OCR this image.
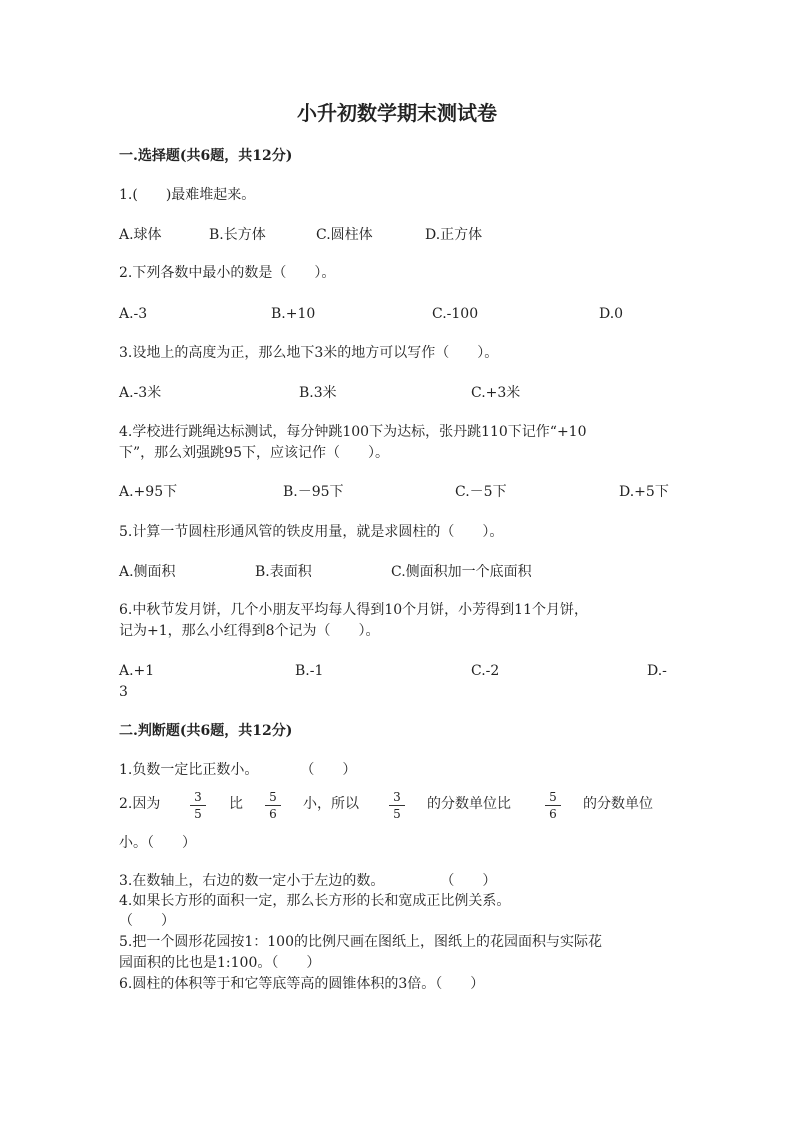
小升初数学期末测试卷
一.选择题(共6题，共12分)
1.(　　)最难堆起来。
A.球体	B.长方体	C.圆柱体	D.正方体
2.下列各数中最小的数是（　　）。
A.-3	B.+10	C.-100	D.0
3.设地上的高度为正，那么地下3米的地方可以写作（　　）。
A.-3米	B.3米	C.+3米
4.学校进行跳绳达标测试，每分钟跳100下为达标，张丹跳110下记作“+10
下”，那么刘强跳95下，应该记作（　　）。
A.+95下	B.－95下	C.－5下	D.+5下
5.计算一节圆柱形通风管的铁皮用量，就是求圆柱的（　　）。
A.侧面积	B.表面积	C.侧面积加一个底面积
6.中秋节发月饼，几个小朋友平均每人得到10个月饼，小芳得到11个月饼，
记为+1，那么小红得到8个记为（　　）。
A.+1	B.-1	C.-2	D.-
3
二.判断题(共6题，共12分)
1.负数一定比正数小。　　　　（　　）
2.因为	3
5
比	5
6
小，所以	3
5
的分数单位比	5
6
的分数单位
小。（　　）
3.在数轴上，右边的数一定小于左边的数。　　　　　（　　）
4.如果长方形的面积一定，那么长方形的长和宽成正比例关系。
（　　）
5.把一个圆形花园按1：100的比例尺画在图纸上，图纸上的花园面积与实际花
园面积的比也是1:100。（　　）
6.圆柱的体积等于和它等底等高的圆锥体积的3倍。（　　）
